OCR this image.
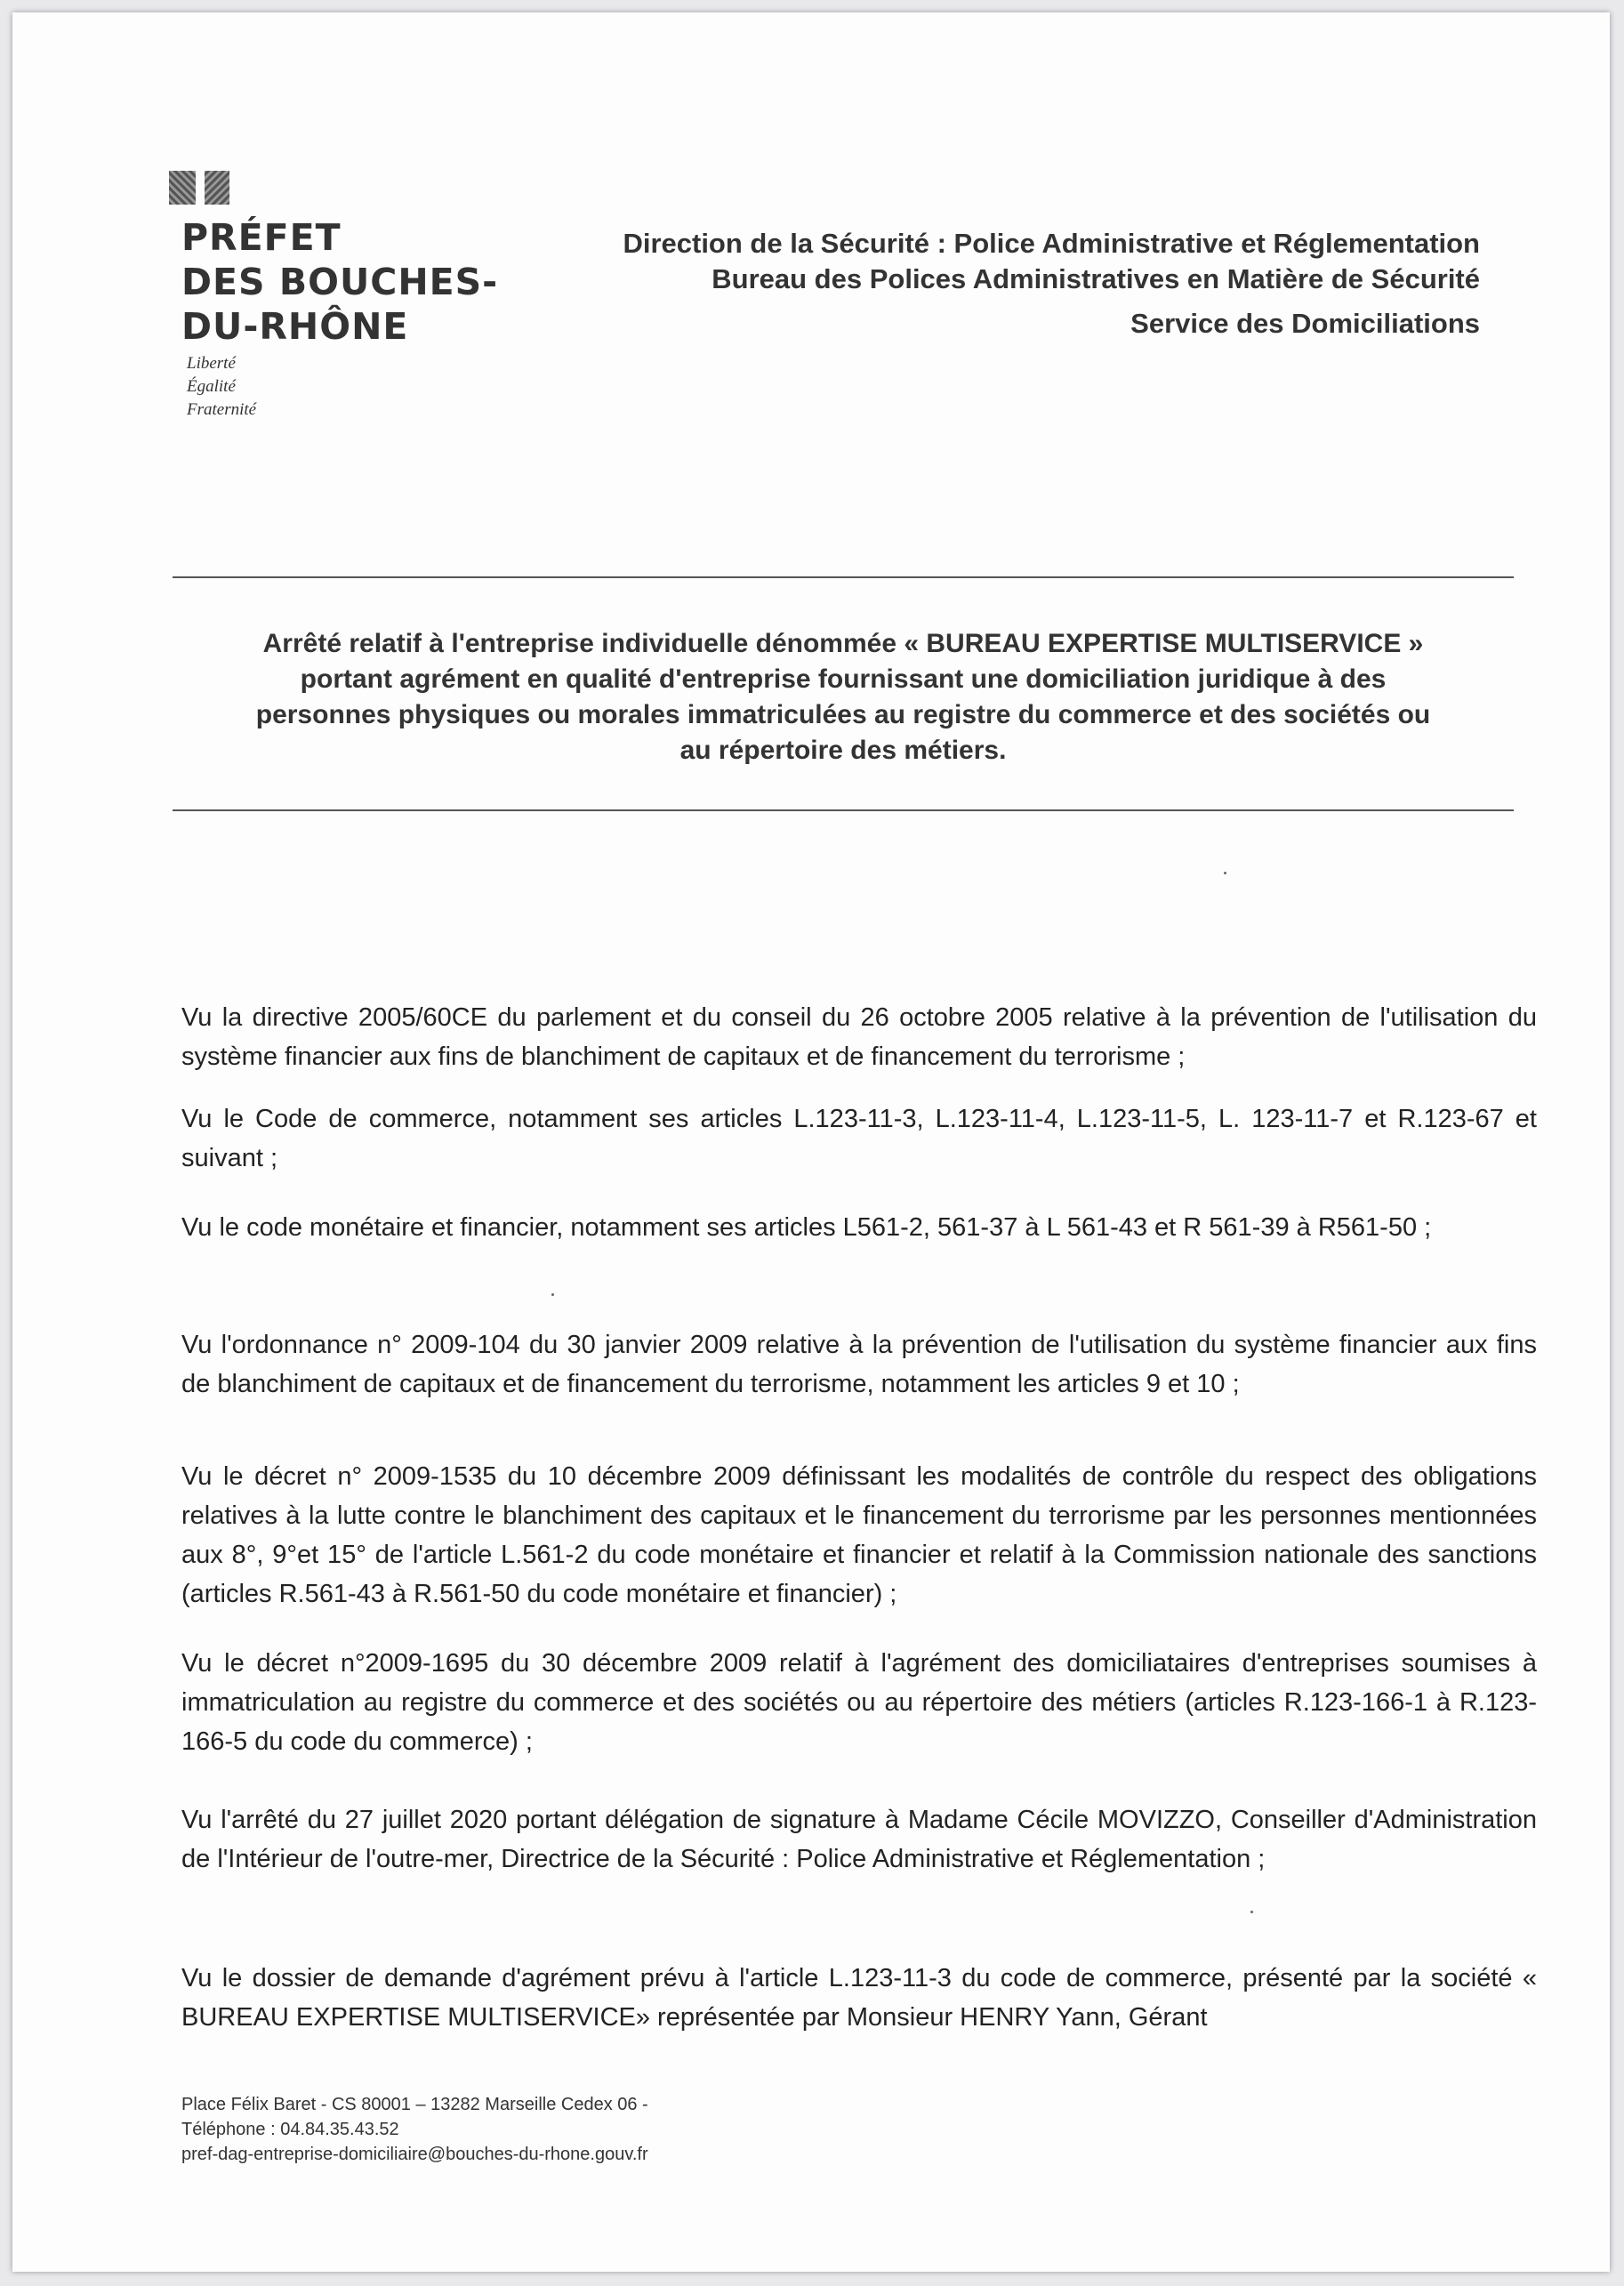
PRÉFET
DES BOUCHES-
DU-RHÔNE
Liberté
Égalité
Fraternité
Direction de la Sécurité : Police Administrative et Réglementation
Bureau des Polices Administratives en Matière de Sécurité
Service des Domiciliations
Arrêté relatif à l'entreprise individuelle dénommée « BUREAU EXPERTISE MULTISERVICE »
portant agrément en qualité d'entreprise fournissant une domiciliation juridique à des
personnes physiques ou morales immatriculées au registre du commerce et des sociétés ou
au répertoire des métiers.

Vu la directive 2005/60CE du parlement et du conseil du 26 octobre 2005 relative à la prévention de l'utilisation du système financier aux fins de blanchiment de capitaux et de financement du terrorisme ;

Vu le Code de commerce, notamment ses articles L.123-11-3, L.123-11-4, L.123-11-5, L. 123-11-7 et R.123-67 et suivant ;

Vu le code monétaire et financier, notamment ses articles L561-2, 561-37 à L 561-43 et R 561-39 à R561-50 ;

Vu l'ordonnance n° 2009-104 du 30 janvier 2009 relative à la prévention de l'utilisation du système financier aux fins de blanchiment de capitaux et de financement du terrorisme, notamment les articles 9 et 10 ;

Vu le décret n° 2009-1535 du 10 décembre 2009 définissant les modalités de contrôle du respect des obligations relatives à la lutte contre le blanchiment des capitaux et le financement du terrorisme par les personnes mentionnées aux 8°, 9°et 15° de l'article L.561-2 du code monétaire et financier et relatif à la Commission nationale des sanctions (articles R.561-43 à R.561-50 du code monétaire et financier) ;

Vu le décret n°2009-1695 du 30 décembre 2009 relatif à l'agrément des domiciliataires d'entreprises soumises à immatriculation au registre du commerce et des sociétés ou au répertoire des métiers (articles R.123-166-1 à R.123-166-5 du code du commerce) ;

Vu l'arrêté du 27 juillet 2020 portant délégation de signature à Madame Cécile MOVIZZO, Conseiller d'Administration de l'Intérieur de l'outre-mer, Directrice de la Sécurité : Police Administrative et Réglementation ;

Vu le dossier de demande d'agrément prévu à l'article L.123-11-3 du code de commerce, présenté par la société « BUREAU EXPERTISE MULTISERVICE» représentée par Monsieur HENRY Yann, Gérant

Place Félix Baret - CS 80001 – 13282 Marseille Cedex 06 -
Téléphone : 04.84.35.43.52
pref-dag-entreprise-domiciliaire@bouches-du-rhone.gouv.fr
